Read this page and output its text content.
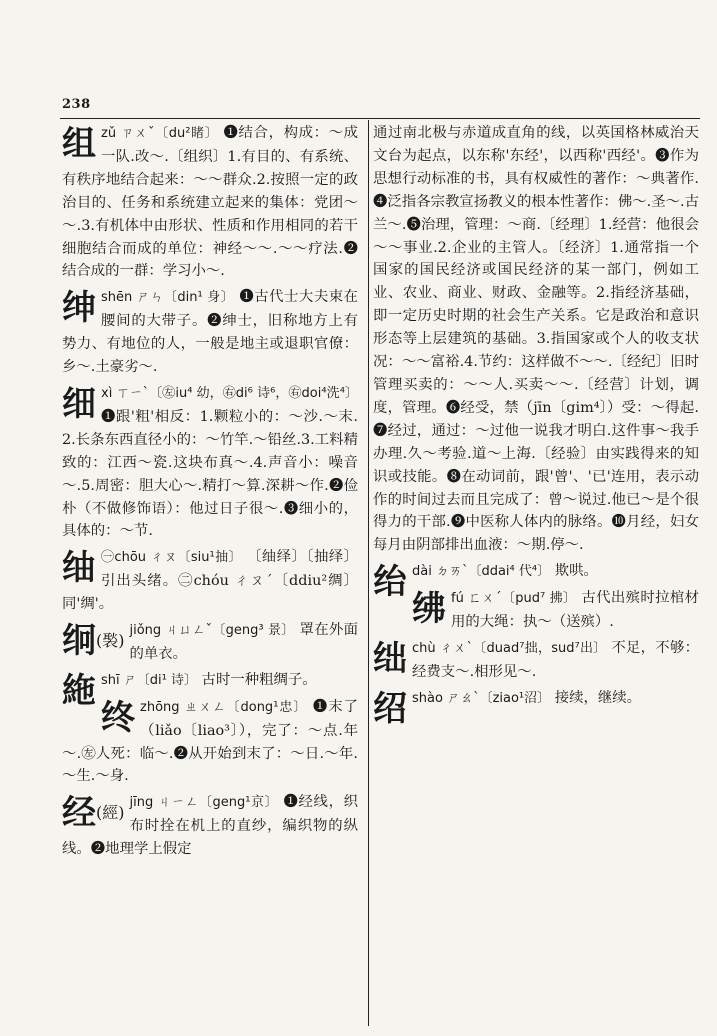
238
组 zǔ ㄗㄨˇ〔du²睹〕 ❶结合，构成：～成一队.改～.〔组织〕1.有目的、有系统、有秩序地结合起来：～～群众.2.按照一定的政治目的、任务和系统建立起来的集体：党团～～.3.有机体中由形状、性质和作用相同的若干细胞结合而成的单位：神经～～.～～疗法.❷结合成的一群：学习小～.
绅 shēn ㄕㄣ〔din¹ 身〕 ❶古代士大夫束在腰间的大带子。❷绅士，旧称地方上有势力、有地位的人，一般是地主或退职官僚：乡～.土豪劣～.
细 xì ㄒㄧˋ〔㊧iu⁴ 幼，㊨di⁶ 诗⁶，㊨doi⁴洗⁴〕 ❶跟'粗'相反：1.颗粒小的：～沙.～末.2.长条东西直径小的：～竹竿.～铅丝.3.工料精致的：江西～瓷.这块布真～.4.声音小：噪音～.5.周密：胆大心～.精打～算.深耕～作.❷俭朴（不做修饰语）：他过日子很～.❸细小的，具体的：～节.
䌷 ㊀chōu ㄔㄡ〔siu¹抽〕 〔䌷绎〕〔抽绎〕引出头绪。㊁chóu ㄔㄡˊ〔ddiu²绸〕同'绸'。
䌹(褧)
jiǒng ㄐㄩㄥˇ〔geng³ 景〕 罩在外面的单衣。
絁 shī ㄕ〔di¹ 诗〕 古时一种粗绸子。
终 zhōng ㄓㄨㄥ〔dong¹忠〕 ❶末了（liǎo〔liao³〕），完了：～点.年～.㊧人死：临～.❷从开始到末了：～日.～年.～生.～身.
经(經)
jīng ㄐㄧㄥ〔geng¹京〕 ❶经线，织布时拴在机上的直纱，编织物的纵线。❷地理学上假定
通过南北极与赤道成直角的线，以英国格林威治天文台为起点，以东称'东经'，以西称'西经'。❸作为思想行动标准的书，具有权威性的著作：～典著作.❹泛指各宗教宣扬教义的根本性著作：佛～.圣～.古兰～.❺治理，管理：～商.〔经理〕1.经营：他很会～～事业.2.企业的主管人。〔经济〕1.通常指一个国家的国民经济或国民经济的某一部门，例如工业、农业、商业、财政、金融等。2.指经济基础，即一定历史时期的社会生产关系。它是政治和意识形态等上层建筑的基础。3.指国家或个人的收支状况：～～富裕.4.节约：这样做不～～.〔经纪〕旧时管理买卖的：～～人.买卖～～.〔经营〕计划，调度，管理。❻经受，禁（jīn〔gim⁴〕）受：～得起.❼经过，通过：～过他一说我才明白.这件事～我手办理.久～考验.道～上海.〔经验〕由实践得来的知识或技能。❽在动词前，跟'曾'、'已'连用，表示动作的时间过去而且完成了：曾～说过.他已～是个很得力的干部.❾中医称人体内的脉络。❿月经，妇女每月由阴部排出血液：～期.停～.
绐 dài ㄉㄞˋ〔ddai⁴ 代⁴〕 欺哄。
绋 fú ㄈㄨˊ〔pud⁷ 拂〕 古代出殡时拉棺材用的大绳：执～（送殡）.
绌 chù ㄔㄨˋ〔duad⁷拙，sud⁷出〕 不足，不够：经费支～.相形见～.
绍 shào ㄕㄠˋ〔ziao¹沼〕 接续，继续。
